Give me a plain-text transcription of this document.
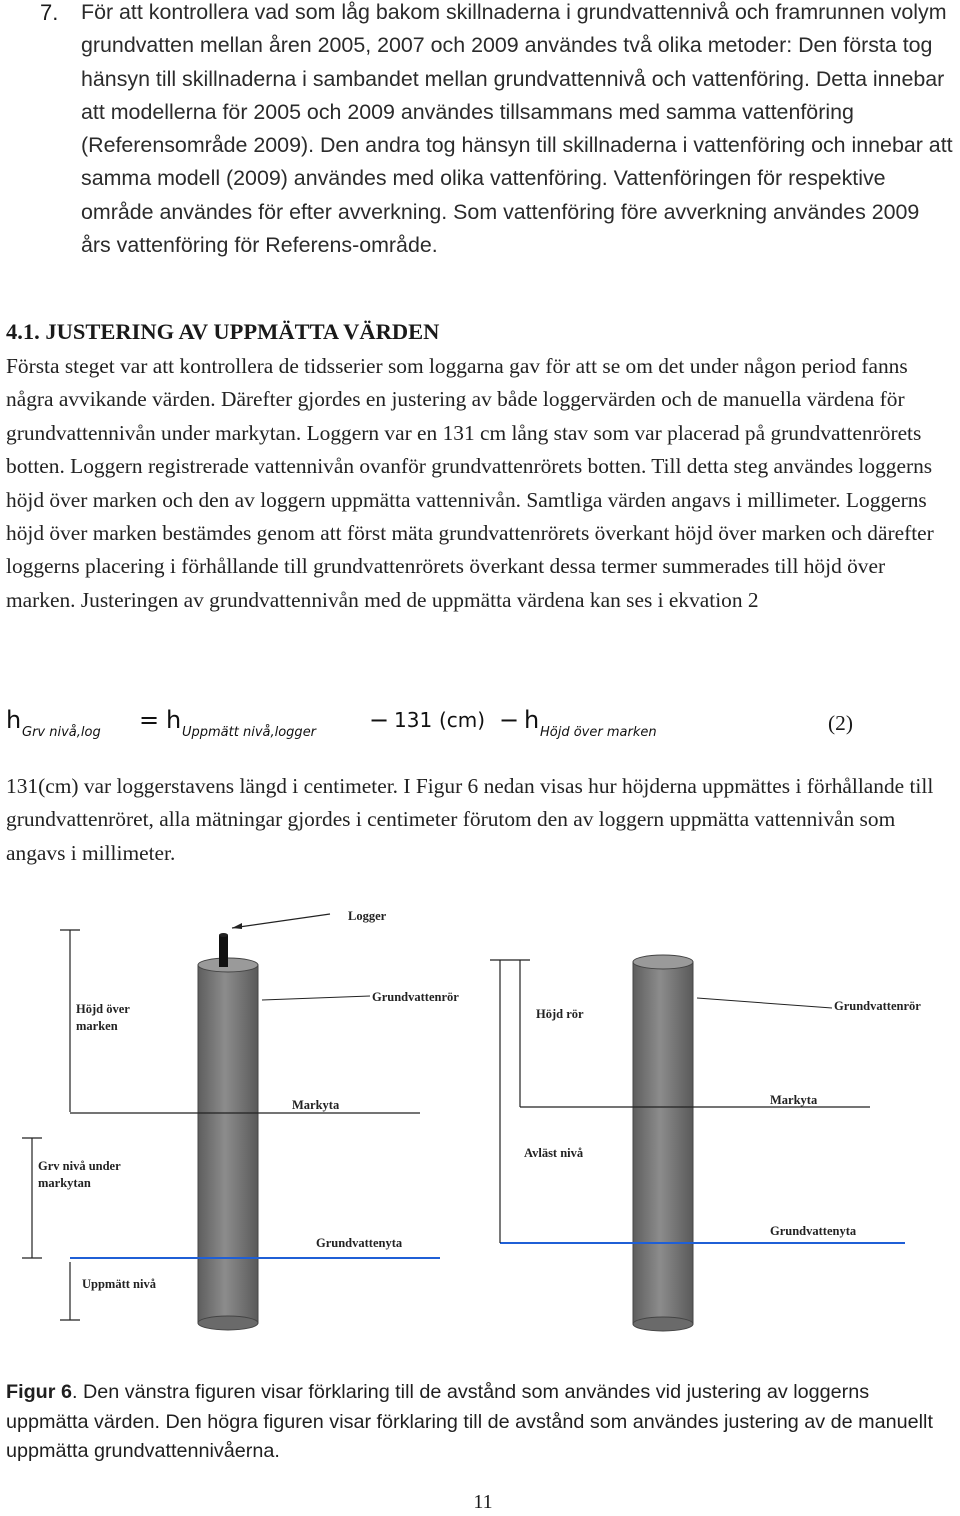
7. För att kontrollera vad som låg bakom skillnaderna i grundvattennivå och framrunnen volym grundvatten mellan åren 2005, 2007 och 2009 användes två olika metoder: Den första tog hänsyn till skillnaderna i sambandet mellan grundvattennivå och vattenföring. Detta innebar att modellerna för 2005 och 2009 användes tillsammans med samma vattenföring (Referensområde 2009). Den andra tog hänsyn till skillnaderna i vattenföring och innebar att samma modell (2009) användes med olika vattenföring. Vattenföringen för respektive område användes för efter avverkning. Som vattenföring före avverkning användes 2009 års vattenföring för Referens-område.
4.1. JUSTERING AV UPPMÄTTA VÄRDEN
Första steget var att kontrollera de tidsserier som loggarna gav för att se om det under någon period fanns några avvikande värden. Därefter gjordes en justering av både loggervärden och de manuella värdena för grundvattennivån under markytan. Loggern var en 131 cm lång stav som var placerad på grundvattenrörets botten. Loggern registrerade vattennivån ovanför grundvattenrörets botten. Till detta steg användes loggerns höjd över marken och den av loggern uppmätta vattennivån. Samtliga värden angavs i millimeter. Loggerns höjd över marken bestämdes genom att först mäta grundvattenrörets överkant höjd över marken och därefter loggerns placering i förhållande till grundvattenrörets överkant dessa termer summerades till höjd över marken. Justeringen av grundvattennivån med de uppmätta värdena kan ses i ekvation 2
h Grv nivå,log = h Uppmätt nivå,logger − 131 (cm) − h Höjd över marken	(2)
131(cm) var loggerstavens längd i centimeter. I Figur 6 nedan visas hur höjderna uppmättes i förhållande till grundvattenröret, alla mätningar gjordes i centimeter förutom den av loggern uppmätta vattennivån som angavs i millimeter.
Logger
Grundvattenrör
Höjd över
marken
Markyta
Grv nivå under
markytan
Grundvattenyta
Uppmätt nivå
Höjd rör
Grundvattenrör
Markyta
Avläst nivå
Grundvattenyta
Figur 6. Den vänstra figuren visar förklaring till de avstånd som användes vid justering av loggerns uppmätta värden. Den högra figuren visar förklaring till de avstånd som användes justering av de manuellt uppmätta grundvattennivåerna.
11
